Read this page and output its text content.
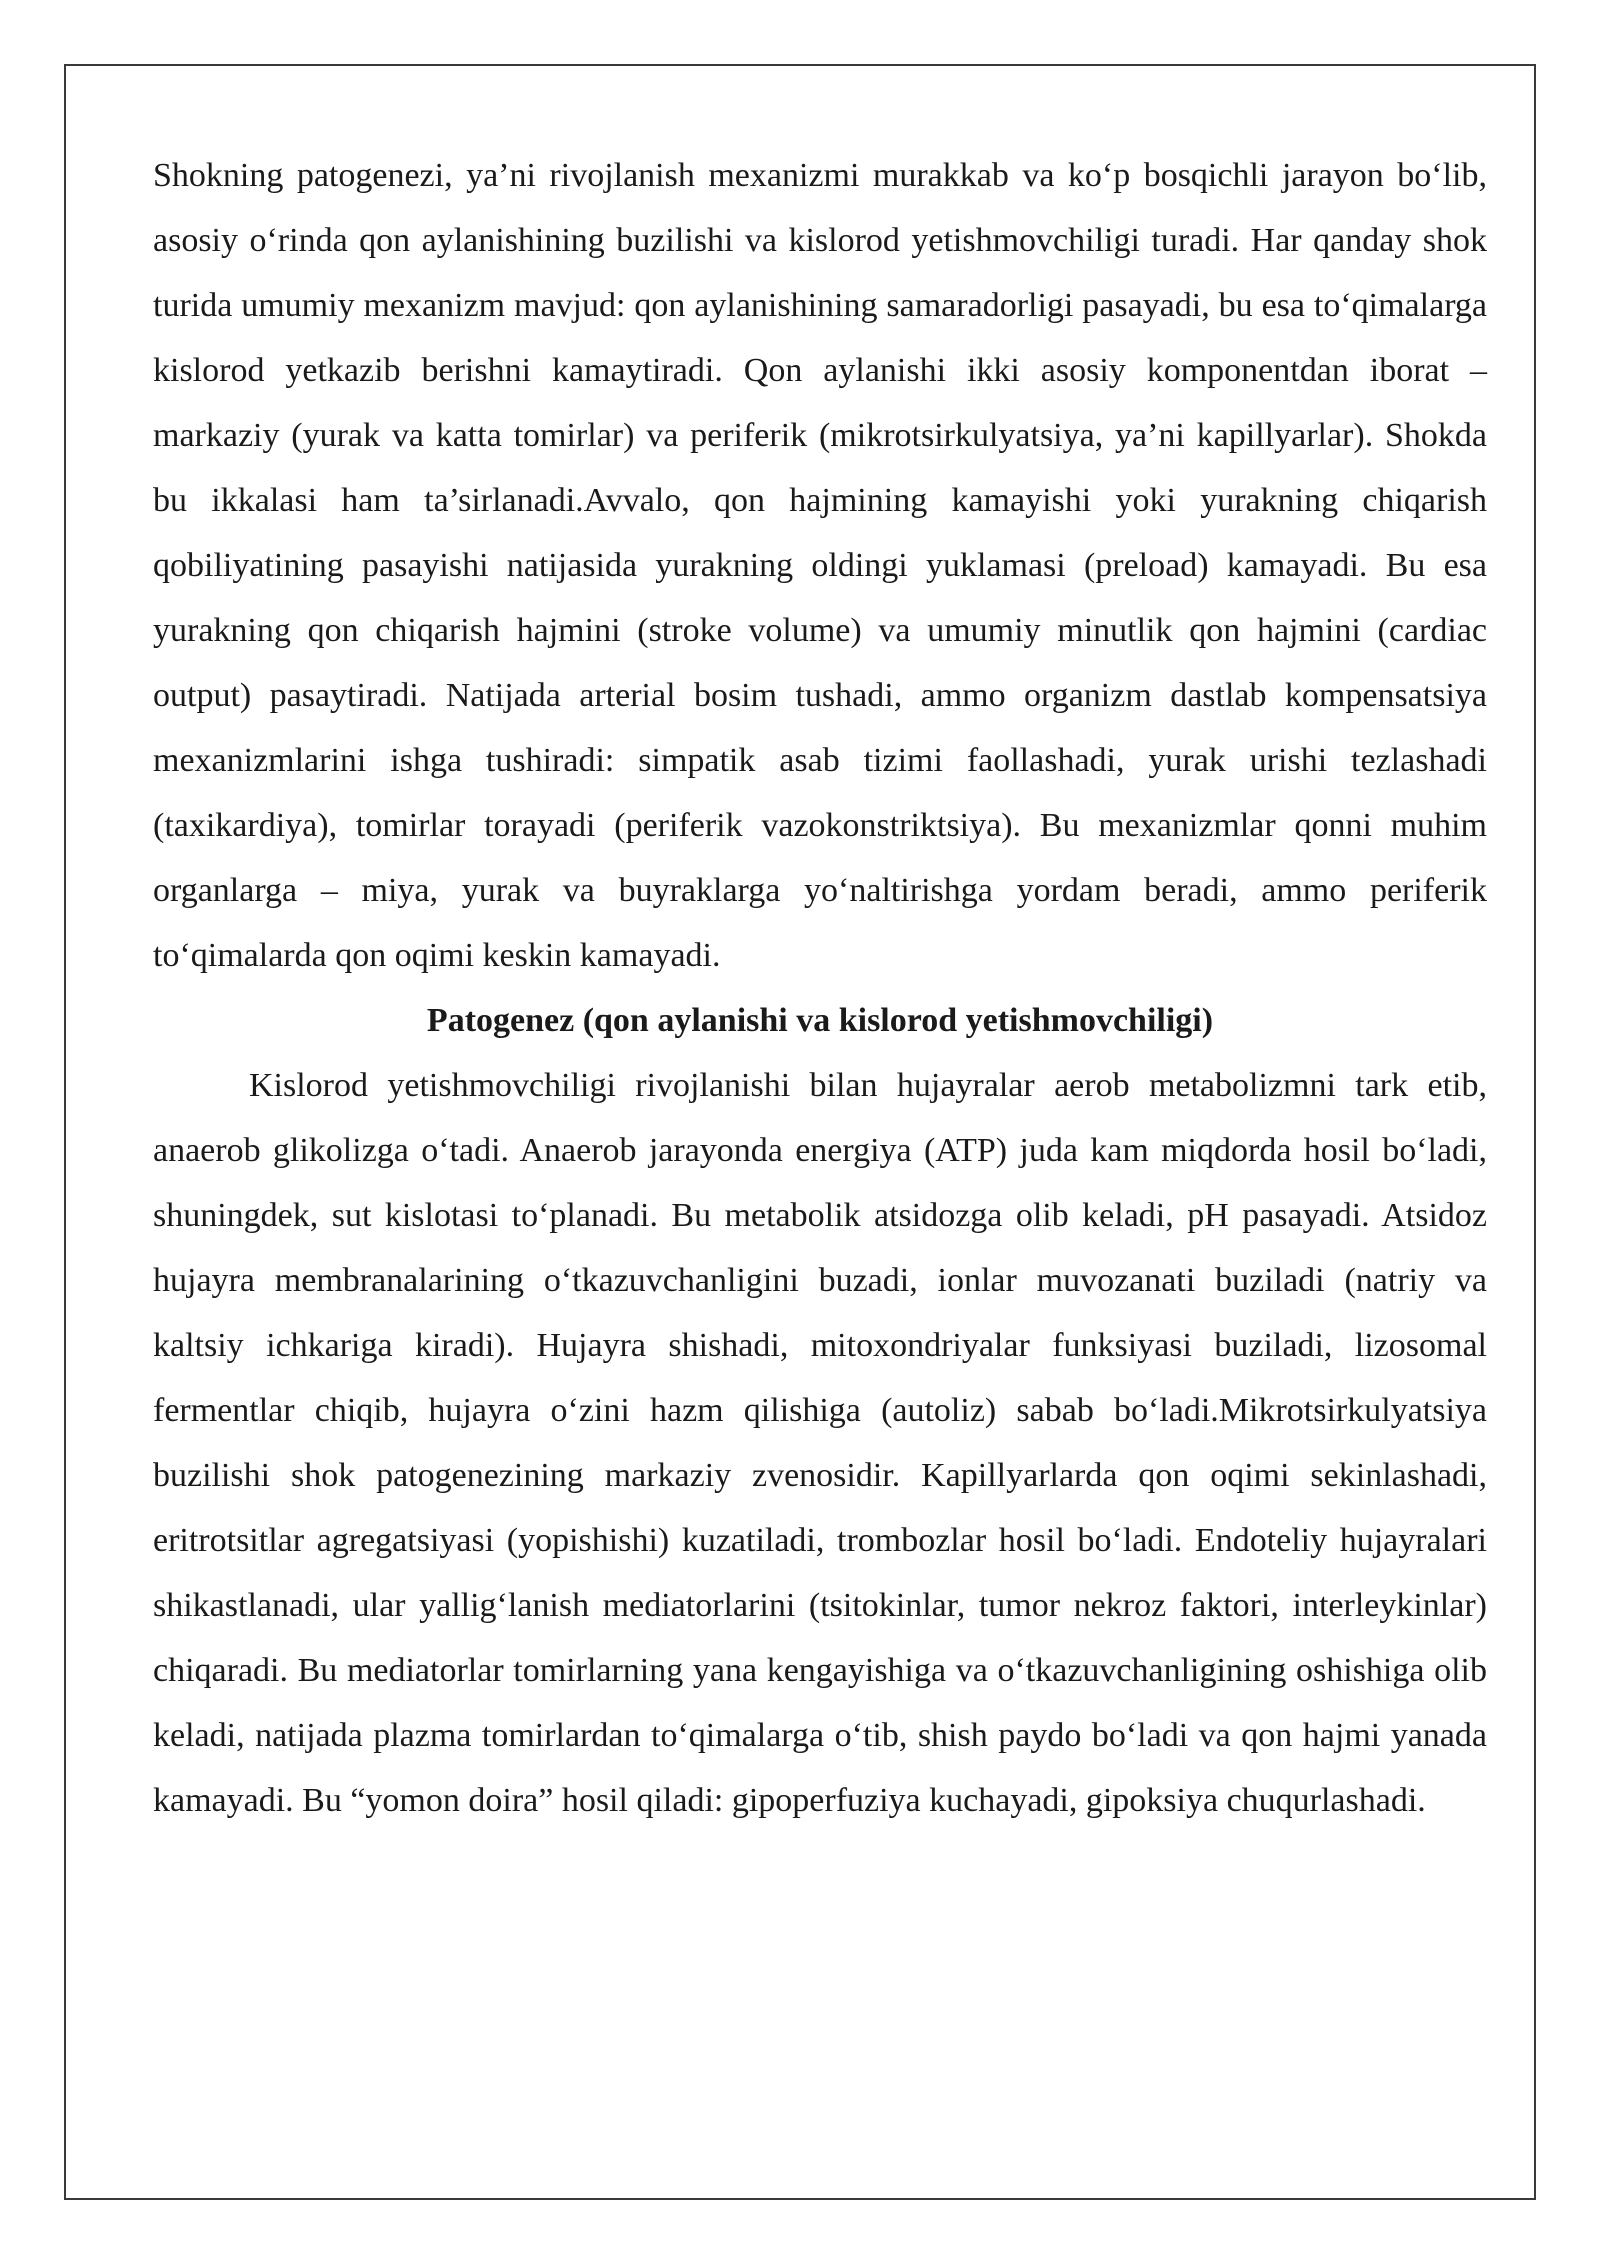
Shokning patogenezi, ya’ni rivojlanish mexanizmi murakkab va ko‘p bosqichli jarayon bo‘lib, asosiy o‘rinda qon aylanishining buzilishi va kislorod yetishmovchiligi turadi. Har qanday shok turida umumiy mexanizm mavjud: qon aylanishining samaradorligi pasayadi, bu esa to‘qimalarga kislorod yetkazib berishni kamaytiradi. Qon aylanishi ikki asosiy komponentdan iborat – markaziy (yurak va katta tomirlar) va periferik (mikrotsirkulyatsiya, ya’ni kapillyarlar). Shokda bu ikkalasi ham ta’sirlanadi.Avvalo, qon hajmining kamayishi yoki yurakning chiqarish qobiliyatining pasayishi natijasida yurakning oldingi yuklamasi (preload) kamayadi. Bu esa yurakning qon chiqarish hajmini (stroke volume) va umumiy minutlik qon hajmini (cardiac output) pasaytiradi. Natijada arterial bosim tushadi, ammo organizm dastlab kompensatsiya mexanizmlarini ishga tushiradi: simpatik asab tizimi faollashadi, yurak urishi tezlashadi (taxikardiya), tomirlar torayadi (periferik vazokonstriktsiya). Bu mexanizmlar qonni muhim organlarga – miya, yurak va buyraklarga yo‘naltirishga yordam beradi, ammo periferik to‘qimalarda qon oqimi keskin kamayadi.

Patogenez (qon aylanishi va kislorod yetishmovchiligi)

Kislorod yetishmovchiligi rivojlanishi bilan hujayralar aerob metabolizmni tark etib, anaerob glikolizga o‘tadi. Anaerob jarayonda energiya (ATP) juda kam miqdorda hosil bo‘ladi, shuningdek, sut kislotasi to‘planadi. Bu metabolik atsidozga olib keladi, pH pasayadi. Atsidoz hujayra membranalarining o‘tkazuvchanligini buzadi, ionlar muvozanati buziladi (natriy va kaltsiy ichkariga kiradi). Hujayra shishadi, mitoxondriyalar funksiyasi buziladi, lizosomal fermentlar chiqib, hujayra o‘zini hazm qilishiga (autoliz) sabab bo‘ladi.Mikrotsirkulyatsiya buzilishi shok patogenezining markaziy zvenosidir. Kapillyarlarda qon oqimi sekinlashadi, eritrotsitlar agregatsiyasi (yopishishi) kuzatiladi, trombozlar hosil bo‘ladi. Endoteliy hujayralari shikastlanadi, ular yallig‘lanish mediatorlarini (tsitokinlar, tumor nekroz faktori, interleykinlar) chiqaradi. Bu mediatorlar tomirlarning yana kengayishiga va o‘tkazuvchanligining oshishiga olib keladi, natijada plazma tomirlardan to‘qimalarga o‘tib, shish paydo bo‘ladi va qon hajmi yanada kamayadi. Bu “yomon doira” hosil qiladi: gipoperfuziya kuchayadi, gipoksiya chuqurlashadi.
